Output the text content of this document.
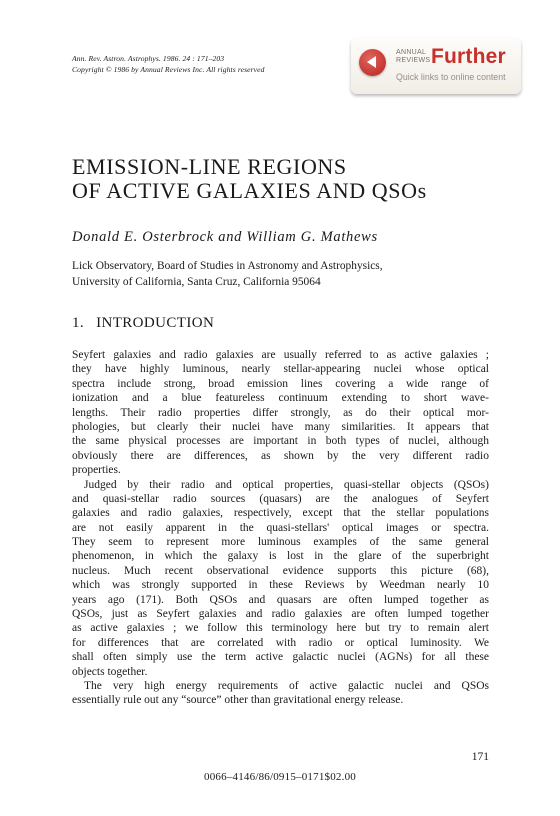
Ann. Rev. Astron. Astrophys. 1986. 24 : 171–203
Copyright © 1986 by Annual Reviews Inc. All rights reserved
ANNUAL
REVIEWS Further
Quick links to online content
EMISSION-LINE REGIONS
OF ACTIVE GALAXIES AND QSOs
Donald E. Osterbrock and William G. Mathews
Lick Observatory, Board of Studies in Astronomy and Astrophysics,
University of California, Santa Cruz, California 95064
1. INTRODUCTION
Seyfert galaxies and radio galaxies are usually referred to as active galaxies ;
they have highly luminous, nearly stellar-appearing nuclei whose optical
spectra include strong, broad emission lines covering a wide range of
ionization and a blue featureless continuum extending to short wave-
lengths. Their radio properties differ strongly, as do their optical mor-
phologies, but clearly their nuclei have many similarities. It appears that
the same physical processes are important in both types of nuclei, although
obviously there are differences, as shown by the very different radio
properties.
Judged by their radio and optical properties, quasi-stellar objects (QSOs)
and quasi-stellar radio sources (quasars) are the analogues of Seyfert
galaxies and radio galaxies, respectively, except that the stellar populations
are not easily apparent in the quasi-stellars' optical images or spectra.
They seem to represent more luminous examples of the same general
phenomenon, in which the galaxy is lost in the glare of the superbright
nucleus. Much recent observational evidence supports this picture (68),
which was strongly supported in these Reviews by Weedman nearly 10
years ago (171). Both QSOs and quasars are often lumped together as
QSOs, just as Seyfert galaxies and radio galaxies are often lumped together
as active galaxies ; we follow this terminology here but try to remain alert
for differences that are correlated with radio or optical luminosity. We
shall often simply use the term active galactic nuclei (AGNs) for all these
objects together.
The very high energy requirements of active galactic nuclei and QSOs
essentially rule out any “source” other than gravitational energy release.
171
0066–4146/86/0915–0171$02.00
